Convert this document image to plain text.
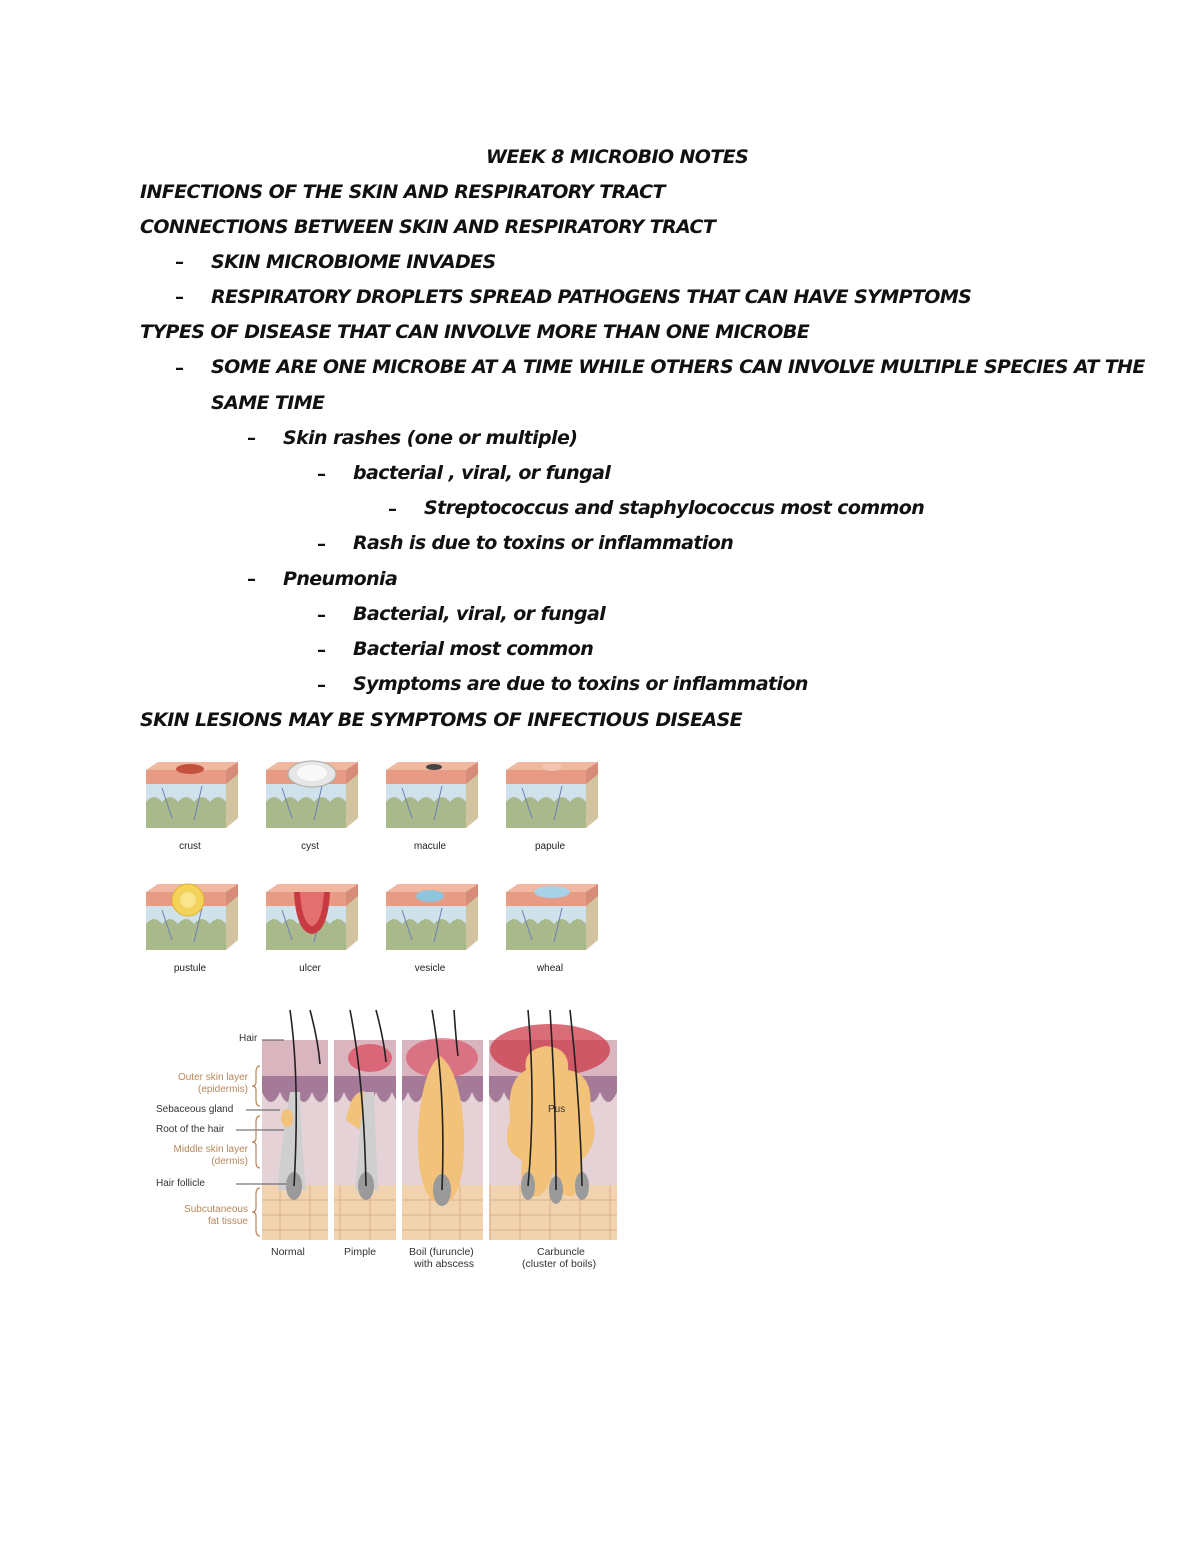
WEEK 8 MICROBIO NOTES
INFECTIONS OF THE SKIN AND RESPIRATORY TRACT
CONNECTIONS BETWEEN SKIN AND RESPIRATORY TRACT
– SKIN MICROBIOME INVADES
– RESPIRATORY DROPLETS SPREAD PATHOGENS THAT CAN HAVE SYMPTOMS
TYPES OF DISEASE THAT CAN INVOLVE MORE THAN ONE MICROBE
– SOME ARE ONE MICROBE AT A TIME WHILE OTHERS CAN INVOLVE MULTIPLE SPECIES AT THE
SAME TIME
– Skin rashes (one or multiple)
– bacterial , viral, or fungal
– Streptococcus and staphylococcus most common
– Rash is due to toxins or inflammation
– Pneumonia
– Bacterial, viral, or fungal
– Bacterial most common
– Symptoms are due to toxins or inflammation
SKIN LESIONS MAY BE SYMPTOMS OF INFECTIOUS DISEASE
crust	cyst	macule	papule
pustule	ulcer	vesicle	wheal
Hair
Outer skin layer
(epidermis)
Sebaceous gland
Root of the hair
Middle skin layer
(dermis)
Hair follicle
Subcutaneous
fat tissue
Pus
Normal	Pimple	Boil (furuncle)
with abscess
Carbuncle
(cluster of boils)
